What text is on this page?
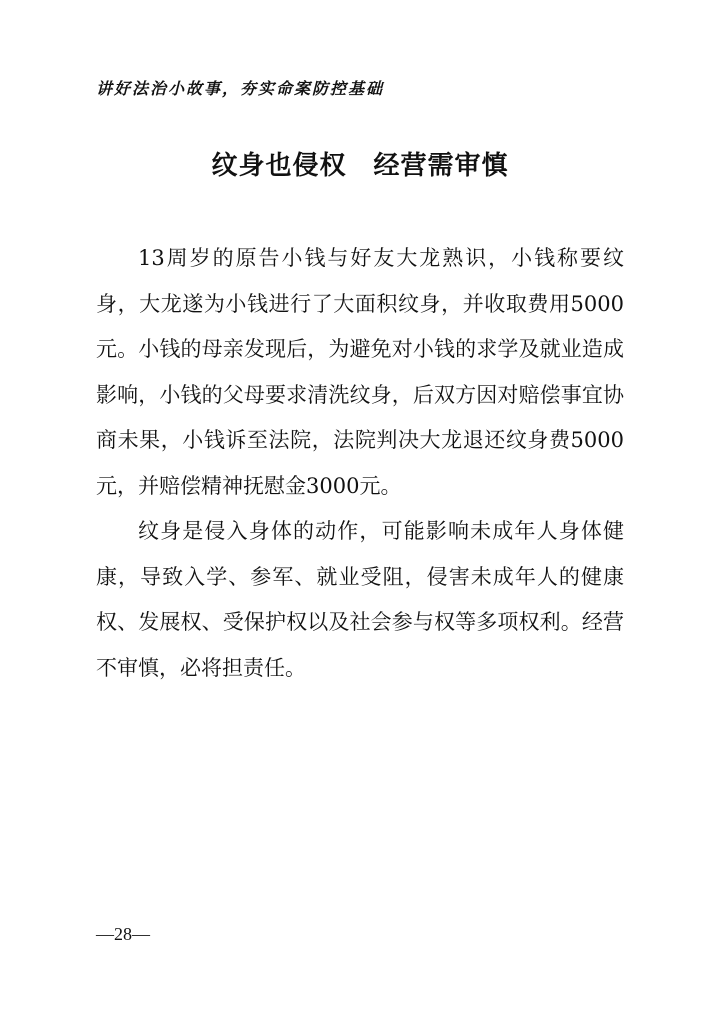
讲好法治小故事，夯实命案防控基础
纹身也侵权　经营需审慎

13周岁的原告小钱与好友大龙熟识，小钱称要纹身，大龙遂为小钱进行了大面积纹身，并收取费用5000元。小钱的母亲发现后，为避免对小钱的求学及就业造成影响，小钱的父母要求清洗纹身，后双方因对赔偿事宜协商未果，小钱诉至法院，法院判决大龙退还纹身费5000元，并赔偿精神抚慰金3000元。

纹身是侵入身体的动作，可能影响未成年人身体健康，导致入学、参军、就业受阻，侵害未成年人的健康权、发展权、受保护权以及社会参与权等多项权利。经营不审慎，必将担责任。

—28—
